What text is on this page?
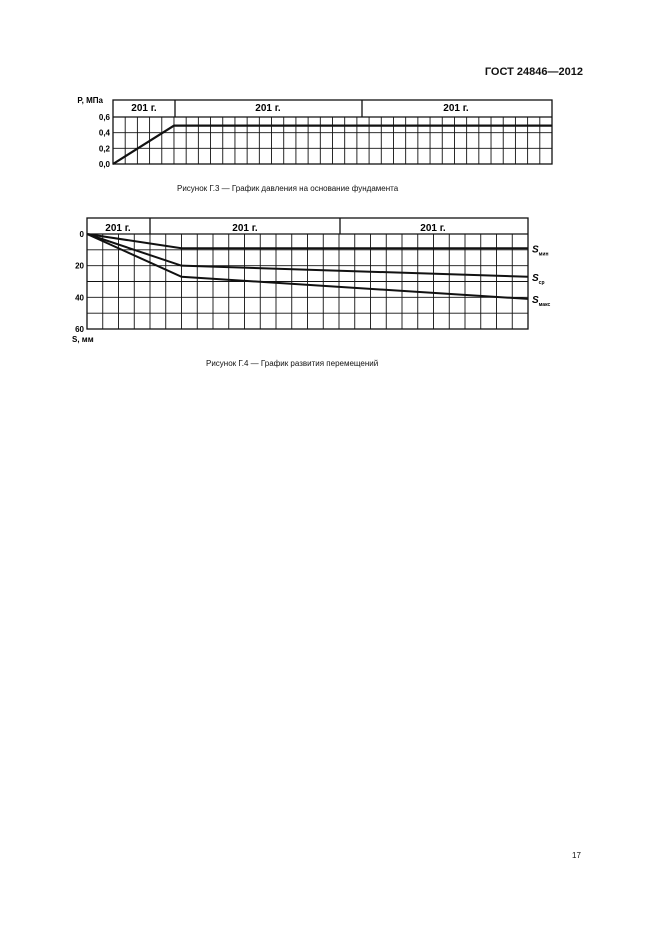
ГОСТ 24846—2012
P, МПа
201 г.	201 г.	201 г.
0,6
0,4
0,2
0,0
201 г.	201 г.	201 г.
0
20
40
60
$S_{мин}$
$S_{ср}$
$S_{макс}$
S, мм
Рисунок Г.3 — График давления на основание фундамента
Рисунок Г.4 — График развития перемещений
17
